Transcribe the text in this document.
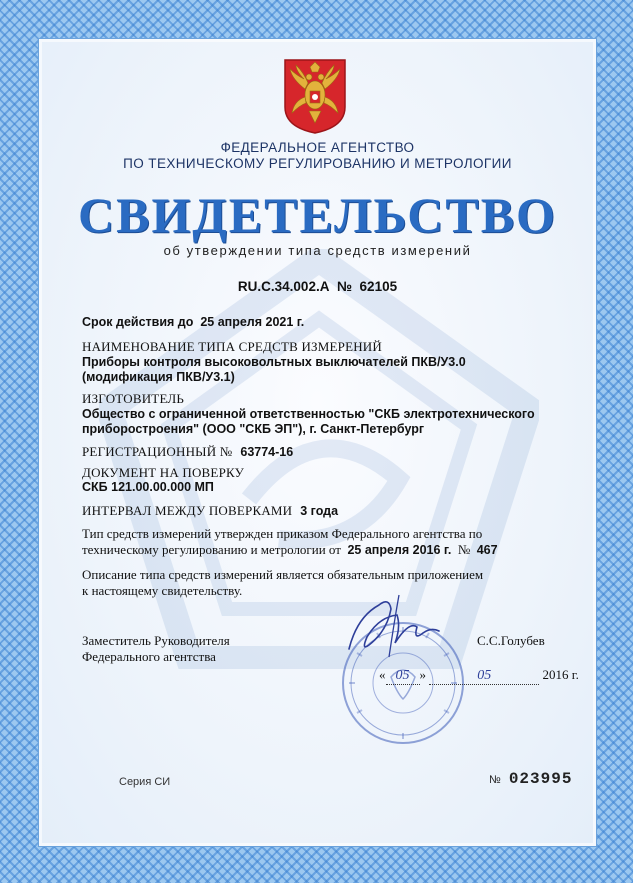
ФЕДЕРАЛЬНОЕ АГЕНТСТВО
ПО ТЕХНИЧЕСКОМУ РЕГУЛИРОВАНИЮ И МЕТРОЛОГИИ
СВИДЕТЕЛЬСТВО
об утверждении типа средств измерений
RU.C.34.002.A № 62105
Срок действия до 25 апреля 2021 г.
НАИМЕНОВАНИЕ ТИПА СРЕДСТВ ИЗМЕРЕНИЙ
Приборы контроля высоковольтных выключателей ПКВ/У3.0
(модификация ПКВ/У3.1)
ИЗГОТОВИТЕЛЬ
Общество с ограниченной ответственностью "СКБ электротехнического
приборостроения" (ООО "СКБ ЭП"), г. Санкт-Петербург
РЕГИСТРАЦИОННЫЙ № 63774-16
ДОКУМЕНТ НА ПОВЕРКУ
СКБ 121.00.00.000 МП
ИНТЕРВАЛ МЕЖДУ ПОВЕРКАМИ 3 года
Тип средств измерений утвержден приказом Федерального агентства по
техническому регулированию и метрологии от 25 апреля 2016 г. № 467
Описание типа средств измерений является обязательным приложением
к настоящему свидетельству.
Заместитель Руководителя
Федерального агентства
С.С.Голубев
« 05 »	05	2016 г.
Серия СИ	№ 023995
